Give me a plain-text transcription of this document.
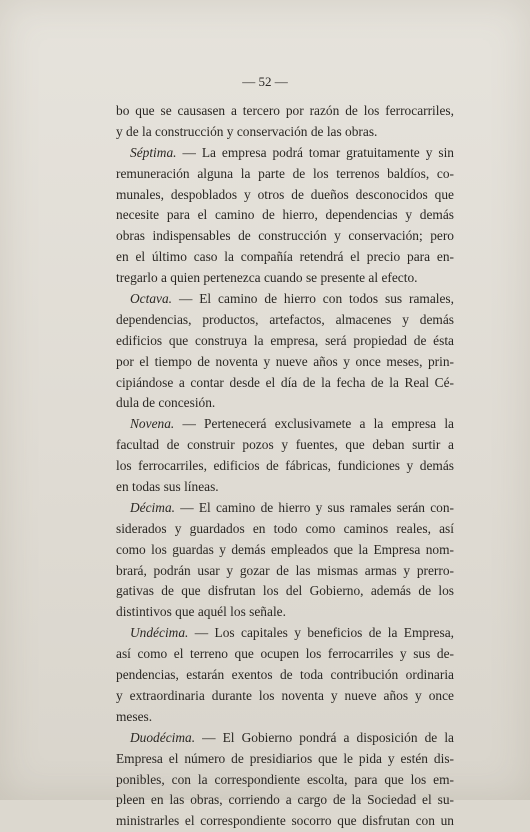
— 52 —
bo que se causasen a tercero por razón de los ferrocarriles,
y de la construcción y conservación de las obras.
Séptima. — La empresa podrá tomar gratuitamente y sin
remuneración alguna la parte de los terrenos baldíos, co-
munales, despoblados y otros de dueños desconocidos que
necesite para el camino de hierro, dependencias y demás
obras indispensables de construcción y conservación; pero
en el último caso la compañía retendrá el precio para en-
tregarlo a quien pertenezca cuando se presente al efecto.
Octava. — El camino de hierro con todos sus ramales,
dependencias, productos, artefactos, almacenes y demás
edificios que construya la empresa, será propiedad de ésta
por el tiempo de noventa y nueve años y once meses, prin-
cipiándose a contar desde el día de la fecha de la Real Cé-
dula de concesión.
Novena. — Pertenecerá exclusivamete a la empresa la
facultad de construir pozos y fuentes, que deban surtir a
los ferrocarriles, edificios de fábricas, fundiciones y demás
en todas sus líneas.
Décima. — El camino de hierro y sus ramales serán con-
siderados y guardados en todo como caminos reales, así
como los guardas y demás empleados que la Empresa nom-
brará, podrán usar y gozar de las mismas armas y prerro-
gativas de que disfrutan los del Gobierno, además de los
distintivos que aquél los señale.
Undécima. — Los capitales y beneficios de la Empresa,
así como el terreno que ocupen los ferrocarriles y sus de-
pendencias, estarán exentos de toda contribución ordinaria
y extraordinaria durante los noventa y nueve años y once
meses.
Duodécima. — El Gobierno pondrá a disposición de la
Empresa el número de presidiarios que le pida y estén dis-
ponibles, con la correspondiente escolta, para que los em-
pleen en las obras, corriendo a cargo de la Sociedad el su-
ministrarles el correspondiente socorro que disfrutan con un
